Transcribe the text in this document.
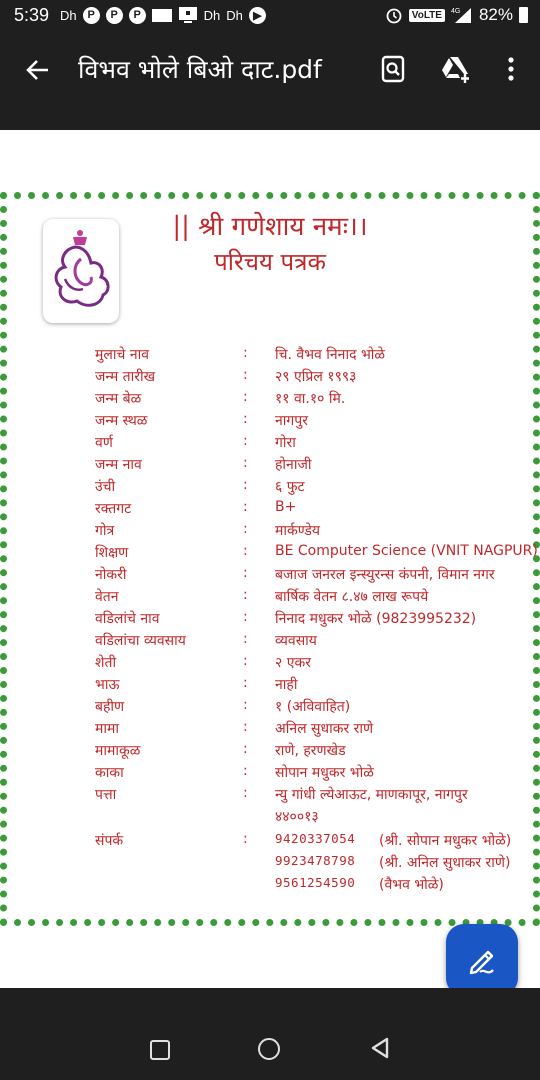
5:39 Dh P	P	P	Dh Dh ▶	VoLTE	4G 82%
विभव भोले बिओ दाट.pdf
|| श्री गणेशाय नमः।।
परिचय पत्रक
मुलाचे नाव	: चि. वैभव निनाद भोळे
जन्म तारीख	: २९ एप्रिल १९९३
जन्म बेळ	: ११ वा.१० मि.
जन्म स्थळ	: नागपुर
वर्ण	: गोरा
जन्म नाव	: होनाजी
उंची	: ६ फुट
रक्तगट	: B+
गोत्र	: मार्कण्डेय
शिक्षण	: BE Computer Science (VNIT NAGPUR)
नोकरी	: बजाज जनरल इन्स्युरन्स कंपनी, विमान नगर
वेतन	: बार्षिक वेतन ८.४७ लाख रूपये
वडिलांचे नाव	: निनाद मधुकर भोळे (9823995232)
वडिलांचा व्यवसाय	: व्यवसाय
शेती	: २ एकर
भाऊ	: नाही
बहीण	: १ (अविवाहित)
मामा	: अनिल सुधाकर राणे
मामाकूळ	: राणे, हरणखेड
काका	: सोपान मधुकर भोळे
पत्ता	: न्यु गांधी ल्येआऊट, माणकापूर, नागपुर
४४००१३
संपर्क	: 9420337054 (श्री. सोपान मधुकर भोळे)
9923478798 (श्री. अनिल सुधाकर राणे)
9561254590 (वैभव भोळे)
